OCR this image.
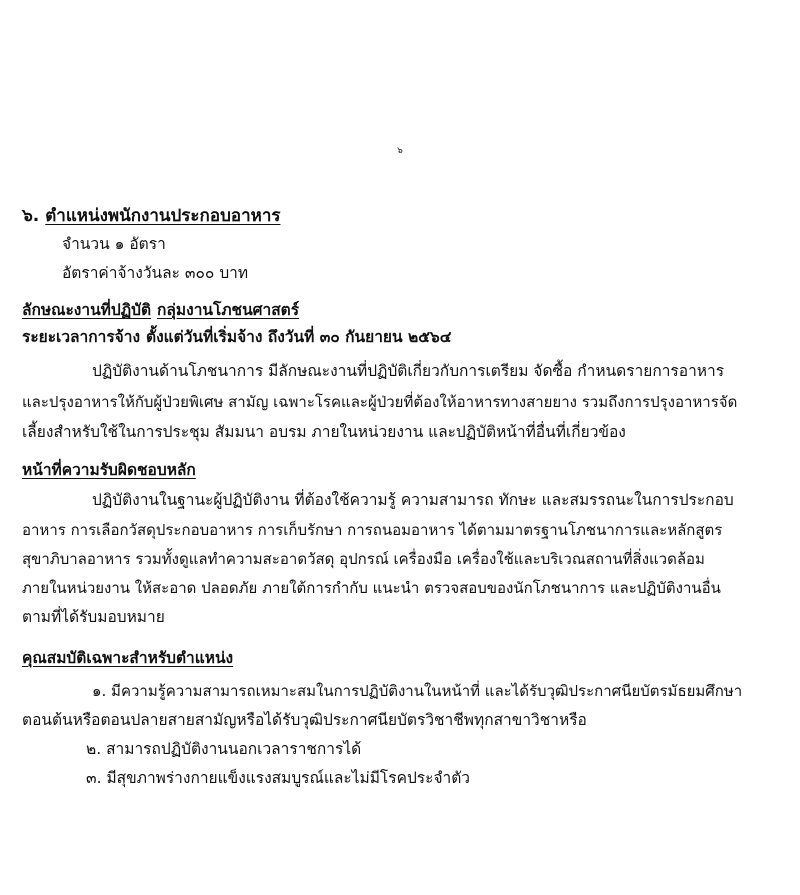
๖
๖. ตำแหน่งพนักงานประกอบอาหาร
จำนวน ๑ อัตรา
อัตราค่าจ้างวันละ ๓๐๐ บาท
ลักษณะงานที่ปฏิบัติ กลุ่มงานโภชนศาสตร์
ระยะเวลาการจ้าง ตั้งแต่วันที่เริ่มจ้าง ถึงวันที่ ๓๐ กันยายน ๒๕๖๔
ปฏิบัติงานด้านโภชนาการ มีลักษณะงานที่ปฏิบัติเกี่ยวกับการเตรียม จัดซื้อ กำหนดรายการอาหาร
และปรุงอาหารให้กับผู้ป่วยพิเศษ สามัญ เฉพาะโรคและผู้ป่วยที่ต้องให้อาหารทางสายยาง รวมถึงการปรุงอาหารจัด
เลี้ยงสำหรับใช้ในการประชุม สัมมนา อบรม ภายในหน่วยงาน และปฏิบัติหน้าที่อื่นที่เกี่ยวข้อง
หน้าที่ความรับผิดชอบหลัก
ปฏิบัติงานในฐานะผู้ปฏิบัติงาน ที่ต้องใช้ความรู้ ความสามารถ ทักษะ และสมรรถนะในการประกอบ
อาหาร การเลือกวัสดุประกอบอาหาร การเก็บรักษา การถนอมอาหาร ได้ตามมาตรฐานโภชนาการและหลักสูตร
สุขาภิบาลอาหาร รวมทั้งดูแลทำความสะอาดวัสดุ อุปกรณ์ เครื่องมือ เครื่องใช้และบริเวณสถานที่สิ่งแวดล้อม
ภายในหน่วยงาน ให้สะอาด ปลอดภัย ภายใต้การกำกับ แนะนำ ตรวจสอบของนักโภชนาการ และปฏิบัติงานอื่น
ตามที่ได้รับมอบหมาย
คุณสมบัติเฉพาะสำหรับตำแหน่ง
๑. มีความรู้ความสามารถเหมาะสมในการปฏิบัติงานในหน้าที่ และได้รับวุฒิประกาศนียบัตรมัธยมศึกษา
ตอนต้นหรือตอนปลายสายสามัญหรือได้รับวุฒิประกาศนียบัตรวิชาชีพทุกสาขาวิชาหรือ
๒. สามารถปฏิบัติงานนอกเวลาราชการได้
๓. มีสุขภาพร่างกายแข็งแรงสมบูรณ์และไม่มีโรคประจำตัว
